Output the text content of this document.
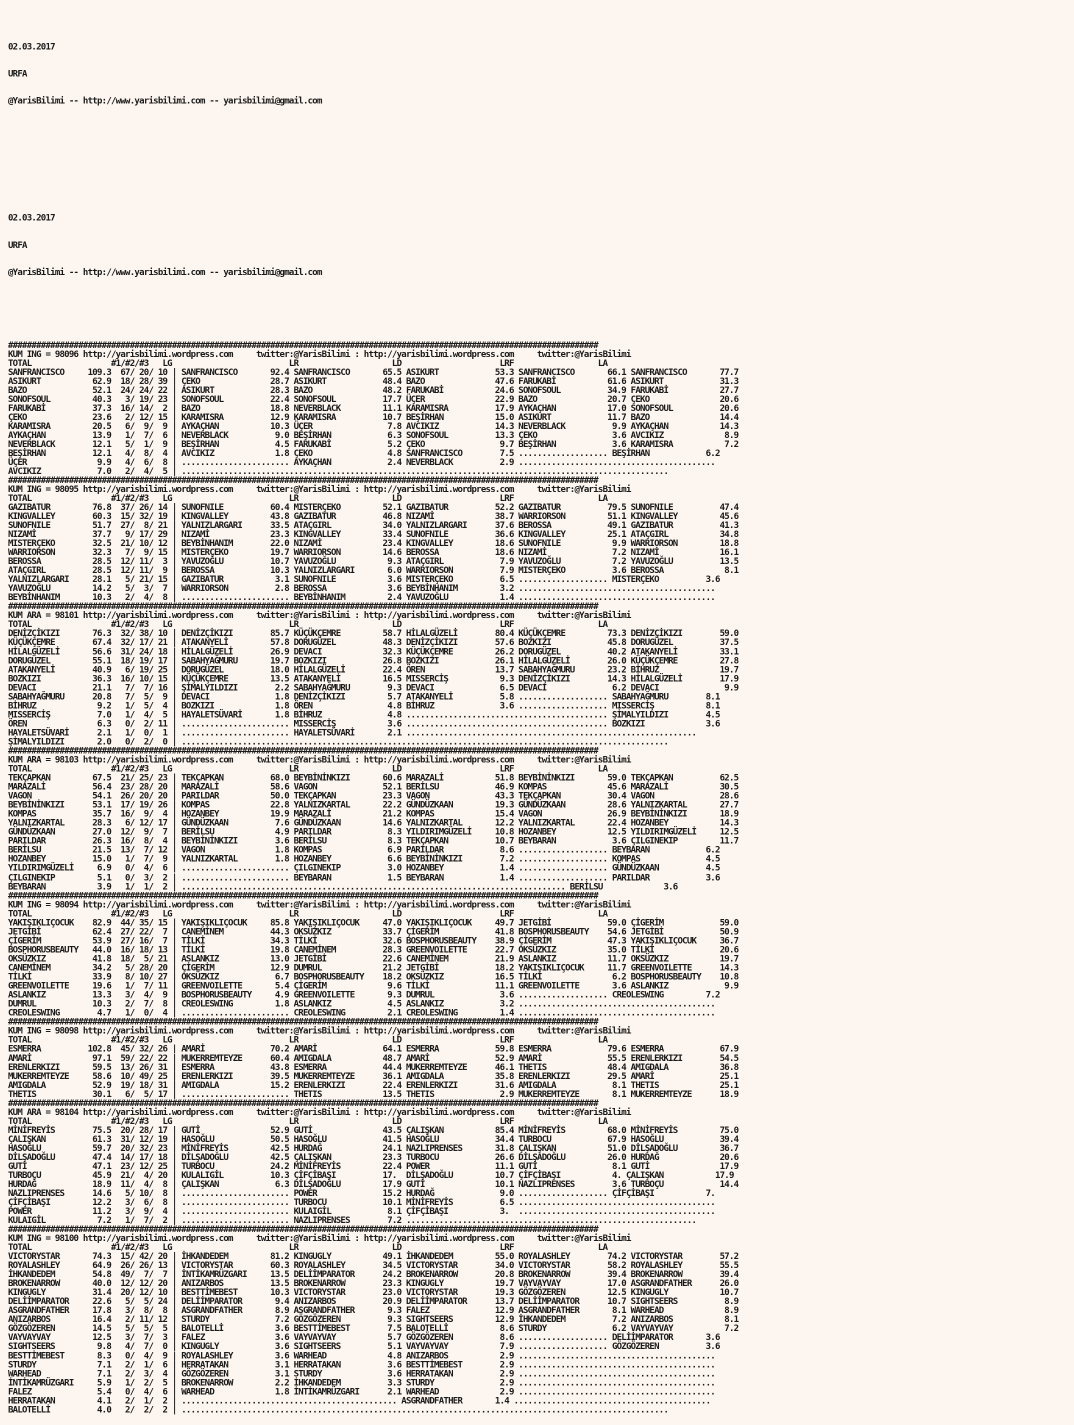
02.03.2017

URFA

@YarisBilimi -- http://www.yarisbilimi.com -- yarisbilimi@gmail.com

02.03.2017

URFA

@YarisBilimi -- http://www.yarisbilimi.com -- yarisbilimi@gmail.com

##############################################################################################################################
KUM ING = 98096 http://yarisbilimi.wordpress.com     twitter:@YarisBilimi : http://yarisbilimi.wordpress.com     twitter:@YarisBilimi
TOTAL                 #1/#2/#3   LG                         LR                    LD                     LRF                  LA
SANFRANCISCO     109.3  67/ 20/ 10 | SANFRANCISCO       92.4 SANFRANCISCO       65.5 ASIKURT            53.3 SANFRANCISCO       66.1 SANFRANCISCO       77.7
ASIKURT           62.9  18/ 28/ 39 | ÇEKO               28.7 ASIKURT            48.4 BAZO               47.6 FARUKABİ           61.6 ASIKURT            31.3
BAZO              52.1  24/ 24/ 22 | ASIKURT            28.3 BAZO               48.2 FARUKABİ           24.6 SONOFSOUL          34.9 FARUKABİ           27.7
SONOFSOUL         40.3   3/ 19/ 23 | SONOFSOUL          22.4 SONOFSOUL          17.7 ÜÇER               22.9 BAZO               20.7 ÇEKO               20.6
FARUKABİ          37.3  16/ 14/  2 | BAZO               18.8 NEVERBLACK         11.1 KARAMISRA          17.9 AYKAÇHAN           17.0 SONOFSOUL          20.6
ÇEKO              23.6   2/ 12/ 15 | KARAMISRA          12.9 KARAMISRA          10.7 BEŞİRHAN           15.0 ASIKURT            11.7 BAZO               14.4
KARAMISRA         20.5   6/  9/  9 | AYKAÇHAN           10.3 ÜÇER                7.8 AVCIKIZ            14.3 NEVERBLACK          9.9 AYKAÇHAN           14.3
AYKAÇHAN          13.9   1/  7/  6 | NEVERBLACK          9.0 BEŞİRHAN            6.3 SONOFSOUL          13.3 ÇEKO                3.6 AVCIKIZ             8.9
NEVERBLACK        12.1   5/  1/  9 | BEŞİRHAN            4.5 FARUKABİ            5.2 ÇEKO                9.7 BEŞİRHAN            3.6 KARAMISRA           7.2
BEŞİRHAN          12.1   4/  8/  4 | AVCIKIZ             1.8 ÇEKO                4.8 SANFRANCISCO        7.5 ................... BEŞİRHAN            6.2
ÜÇER               9.9   4/  6/  8 | ....................... AYKAÇHAN            2.4 NEVERBLACK          2.9 ..........................................
AVCIKIZ            7.0   2/  4/  5 | ........................................................................................................
##############################################################################################################################
KUM ING = 98095 http://yarisbilimi.wordpress.com     twitter:@YarisBilimi : http://yarisbilimi.wordpress.com     twitter:@YarisBilimi
TOTAL                 #1/#2/#3   LG                         LR                    LD                     LRF                  LA
GAZIBATUR         76.8  37/ 26/ 14 | SUNOFNILE          60.4 MISTERÇEKO         52.1 GAZIBATUR          52.2 GAZIBATUR          79.5 SUNOFNILE          47.4
KINGVALLEY        60.3  15/ 32/ 19 | KINGVALLEY         43.8 GAZIBATUR          46.8 NIZAMİ             38.7 WARRIORSON         51.1 KINGVALLEY         45.6
SUNOFNILE         51.7  27/  8/ 21 | YALNIZLARGARI      33.5 ATAÇGIRL           34.0 YALNIZLARGARI      37.6 BEROSSA            49.1 GAZIBATUR          41.3
NIZAMİ            37.7   9/ 17/ 29 | NIZAMİ             23.3 KINGVALLEY         33.4 SUNOFNILE          36.6 KINGVALLEY         25.1 ATAÇGIRL           34.8
MISTERÇEKO        32.5  21/ 10/ 12 | BEYBİNHANIM        22.0 NIZAMİ             23.4 KINGVALLEY         18.6 SUNOFNILE           9.9 WARRIORSON         18.8
WARRIORSON        32.3   7/  9/ 15 | MISTERÇEKO         19.7 WARRIORSON         14.6 BEROSSA            18.6 NIZAMİ              7.2 NIZAMİ             16.1
BEROSSA           28.5  12/ 11/  3 | YAVUZOĞLU          10.7 YAVUZOĞLU           9.3 ATAÇGIRL            7.9 YAVUZOĞLU           7.2 YAVUZOĞLU          13.5
ATAÇGIRL          28.5  12/ 11/  9 | BEROSSA            10.3 YALNIZLARGARI       6.0 WARRIORSON          7.9 MISTERÇEKO          3.6 BEROSSA             8.1
YALNIZLARGARI     28.1   5/ 21/ 15 | GAZIBATUR           3.1 SUNOFNILE           3.6 MISTERÇEKO          6.5 ................... MISTERÇEKO          3.6
YAVUZOĞLU         14.2   5/  3/  7 | WARRIORSON          2.8 BEROSSA             3.6 BEYBİNHANIM         3.2 ..........................................
BEYBİNHANIM       10.3   2/  4/  8 | ....................... BEYBİNHANIM         2.4 YAVUZOĞLU           1.4 ..........................................
##############################################################################################################################
KUM ARA = 98101 http://yarisbilimi.wordpress.com     twitter:@YarisBilimi : http://yarisbilimi.wordpress.com     twitter:@YarisBilimi
TOTAL                 #1/#2/#3   LG                         LR                    LD                     LRF                  LA
DENİZÇİKIZI       76.3  32/ 38/ 10 | DENİZÇİKIZI        85.7 KÜÇÜKÇEMRE         58.7 HİLALGÜZELİ        80.4 KÜÇÜKÇEMRE         73.3 DENİZÇİKIZI        59.0
KÜÇÜKÇEMRE        67.4  32/ 17/ 21 | ATAKANYELİ         57.8 DORUGÜZEL          48.3 DENİZÇİKIZI        57.6 BOZKIZI            45.8 DORUGÜZEL          37.5
HİLALGÜZELİ       56.6  31/ 24/ 18 | HİLALGÜZELİ        26.9 DEVACI             32.3 KÜÇÜKÇEMRE         26.2 DORUGÜZEL          40.2 ATAKANYELİ         33.1
DORUGÜZEL         55.1  18/ 19/ 17 | SABAHYAĞMURU       19.7 BOZKIZI            26.8 BOZKIZI            26.1 HİLALGÜZELİ        26.0 KÜÇÜKÇEMRE         27.8
ATAKANYELİ        40.9   6/ 19/ 25 | DORUGÜZEL          18.0 HİLALGÜZELİ        22.4 ÖREN               13.7 SABAHYAĞMURU       23.2 BİHRUZ             19.7
BOZKIZI           36.3  16/ 10/ 15 | KÜÇÜKÇEMRE         13.5 ATAKANYELİ         16.5 MISSERCİŞ           9.3 DENİZÇİKIZI        14.3 HİLALGÜZELİ        17.9
DEVACI            21.1   7/  7/ 16 | ŞİMALYILDIZI        2.2 SABAHYAĞMURU        9.3 DEVACI              6.5 DEVACI              6.2 DEVACI              9.9
SABAHYAĞMURU      20.8   7/  5/  9 | DEVACI              1.8 DENİZÇİKIZI         5.7 ATAKANYELİ          5.8 ................... SABAHYAĞMURU        8.1
BİHRUZ             9.2   1/  5/  4 | BOZKIZI             1.8 ÖREN                4.8 BİHRUZ              3.6 ................... MISSERCİŞ           8.1
MISSERCİŞ          7.0   1/  4/  5 | HAYALETSÜVARİ       1.8 BİHRUZ              4.8 ........................................... ŞİMALYILDIZI        4.5
ÖREN               6.3   0/  2/ 11 | ....................... MISSERCİŞ           3.6 ........................................... BOZKIZI             3.6
HAYALETSÜVARİ      2.1   1/  0/  1 | ....................... HAYALETSÜVARİ       2.1 ..............................................................
ŞİMALYILDIZI       2.0   0/  2/  0 | ........................................................................................................
##############################################################################################################################
KUM ARA = 98103 http://yarisbilimi.wordpress.com     twitter:@YarisBilimi : http://yarisbilimi.wordpress.com     twitter:@YarisBilimi
TOTAL                 #1/#2/#3   LG                         LR                    LD                     LRF                  LA
TEKÇAPKAN         67.5  21/ 25/ 23 | TEKÇAPKAN          68.0 BEYBİNİNKIZI       60.6 MARAZALİ           51.8 BEYBİNİNKIZI       59.0 TEKÇAPKAN          62.5
MARAZALİ          56.4  23/ 28/ 20 | MARAZALİ           58.6 VAGON              52.1 BERİLSU            46.9 KOMPAS             45.6 MARAZALİ           30.5
VAGON             54.1  26/ 20/ 20 | PARILDAR           50.0 TEKÇAPKAN          23.3 VAGON              43.3 TEKÇAPKAN          30.4 VAGON              28.6
BEYBİNİNKIZI      53.1  17/ 19/ 26 | KOMPAS             22.8 YALNIZKARTAL       22.2 GÜNDÜZKAAN         19.3 GÜNDÜZKAAN         28.6 YALNIZKARTAL       27.7
KOMPAS            35.7  16/  9/  4 | HOZANBEY           19.9 MARAZALİ           21.2 KOMPAS             15.4 VAGON              26.9 BEYBİNİNKIZI       18.9
YALNIZKARTAL      28.3   6/ 12/ 17 | GÜNDÜZKAAN          7.6 GÜNDÜZKAAN         14.6 YALNIZKARTAL       12.2 YALNIZKARTAL       22.4 HOZANBEY           14.3
GÜNDÜZKAAN        27.0  12/  9/  7 | BERİLSU             4.9 PARILDAR            8.3 YILDIRIMGÜZELİ     10.8 HOZANBEY           12.5 YILDIRIMGÜZELİ     12.5
PARILDAR          26.3  16/  8/  4 | BEYBİNİNKIZI        3.6 BERİLSU             8.3 TEKÇAPKAN          10.7 BEYBARAN            3.6 ÇILGINEKIP         11.7
BERİLSU           21.5  13/  7/ 12 | VAGON               1.8 KOMPAS              6.9 PARILDAR            8.6 ................... BEYBARAN            6.2
HOZANBEY          15.0   1/  7/  9 | YALNIZKARTAL        1.8 HOZANBEY            6.6 BEYBİNİNKIZI        7.2 ................... KOMPAS              4.5
YILDIRIMGÜZELİ     6.9   0/  4/  6 | ....................... ÇILGINEKIP          3.0 HOZANBEY            1.4 ................... GÜNDÜZKAAN          4.5
ÇILGINEKIP         5.1   0/  3/  2 | ....................... BEYBARAN            1.5 BEYBARAN            1.4 ................... PARILDAR            3.6
BEYBARAN           3.9   1/  1/  2 | .................................................................................. BERİLSU             3.6
##############################################################################################################################
KUM ING = 98094 http://yarisbilimi.wordpress.com     twitter:@YarisBilimi : http://yarisbilimi.wordpress.com     twitter:@YarisBilimi
TOTAL                 #1/#2/#3   LG                         LR                    LD                     LRF                  LA
YAKIŞIKLIÇOCUK    82.9  44/ 35/ 15 | YAKIŞIKLIÇOCUK     85.8 YAKIŞIKLIÇOCUK     47.0 YAKIŞIKLIÇOCUK     49.7 JETGİBİ            59.0 ÇİGERİM            59.0
JETGİBİ           62.4  27/ 22/  7 | CANEMİNEM          44.3 OKSÜZKIZ           33.7 ÇİGERİM            41.8 BOSPHORUSBEAUTY    54.6 JETGİBİ            50.9
ÇİGERİM           53.9  27/ 16/  7 | TİLKİ              34.3 TİLKİ              32.6 BOSPHORUSBEAUTY    38.9 ÇİGERİM            47.3 YAKIŞIKLIÇOCUK     36.7
BOSPHORUSBEAUTY   44.0  16/ 18/ 13 | TİLKİ              19.8 CANEMİNEM          28.3 GREENVOILETTE      22.7 OKSÜZKIZ           35.0 TİLKİ              20.6
OKSÜZKIZ          41.8  18/  5/ 21 | ASLANKIZ           13.0 JETGİBİ            22.6 CANEMİNEM          21.9 ASLANKIZ           11.7 OKSÜZKIZ           19.7
CANEMİNEM         34.2   5/ 28/ 20 | ÇİGERİM            12.9 DUMRUL             21.2 JETGİBİ            18.2 YAKIŞIKLIÇOCUK     11.7 GREENVOILETTE      14.3
TİLKİ             33.9   8/ 10/ 27 | OKSÜZKIZ            6.7 BOSPHORUSBEAUTY    18.2 OKSÜZKIZ           16.5 TİLKİ               6.2 BOSPHORUSBEAUTY    10.8
GREENVOILETTE     19.6   1/  7/ 11 | GREENVOILETTE       5.4 ÇİGERİM             9.6 TİLKİ              11.1 GREENVOILETTE       3.6 ASLANKIZ            9.9
ASLANKIZ          13.3   3/  4/  9 | BOSPHORUSBEAUTY     4.9 GREENVOILETTE       9.3 DUMRUL              3.6 ................... CREOLESWING         7.2
DUMRUL            10.3   2/  7/  8 | CREOLESWING         1.8 ASLANKIZ            4.5 ASLANKIZ            3.2 ..........................................
CREOLESWING        4.7   1/  0/  4 | ....................... CREOLESWING         2.1 CREOLESWING         1.4 ..........................................
##############################################################################################################################
KUM ING = 98098 http://yarisbilimi.wordpress.com     twitter:@YarisBilimi : http://yarisbilimi.wordpress.com     twitter:@YarisBilimi
TOTAL                 #1/#2/#3   LG                         LR                    LD                     LRF                  LA
ESMERRA          102.8  45/ 32/ 26 | AMARİ              70.2 AMARİ              64.1 ESMERRA            59.8 ESMERRA            79.6 ESMERRA            67.9
AMARİ             97.1  59/ 22/ 22 | MUKERREMTEYZE      60.4 AMIGDALA           48.7 AMARİ              52.9 AMARİ              55.5 ERENLERKIZI        54.5
ERENLERKIZI       59.5  13/ 26/ 31 | ESMERRA            43.8 ESMERRA            44.4 MUKERREMTEYZE      46.1 THETIS             48.4 AMIGDALA           36.8
MUKERREMTEYZE     58.6  10/ 49/ 25 | ERENLERKIZI        39.5 MUKERREMTEYZE      36.1 AMIGDALA           35.8 ERENLERKIZI        29.5 AMARİ              25.1
AMIGDALA          52.9  19/ 18/ 31 | AMIGDALA           15.2 ERENLERKIZI        22.4 ERENLERKIZI        31.6 AMIGDALA            8.1 THETIS             25.1
THETIS            30.1   6/  5/ 17 | ....................... THETIS             13.5 THETIS              2.9 MUKERREMTEYZE       8.1 MUKERREMTEYZE      18.9
##############################################################################################################################
KUM ARA = 98104 http://yarisbilimi.wordpress.com     twitter:@YarisBilimi : http://yarisbilimi.wordpress.com     twitter:@YarisBilimi
TOTAL                 #1/#2/#3   LG                         LR                    LD                     LRF                  LA
MİNİFREYİS        75.5  20/ 28/ 17 | GUTİ               52.9 GUTİ               43.5 ÇALIŞKAN           85.4 MİNİFREYİS         68.0 MİNİFREYİS         75.0
ÇALIŞKAN          61.3  31/ 12/ 19 | HASOĞLU            50.5 HASOĞLU            41.5 HASOĞLU            34.4 TURBOCU            67.9 HASOĞLU            39.4
HASOĞLU           59.7  20/ 32/ 23 | MİNİFREYİS         42.5 HURDAĞ             24.1 NAZLIPRENSES       31.8 ÇALIŞKAN           51.0 DİLŞADOĞLU         36.7
DİLŞADOĞLU        47.4  14/ 17/ 18 | DİLŞADOĞLU         42.5 ÇALIŞKAN           23.3 TURBOCU            26.6 DİLŞADOĞLU         26.0 HURDAĞ             20.6
GUTİ              47.1  23/ 12/ 25 | TURBOCU            24.2 MİNİFREYİS         22.4 POWER              11.1 GUTİ                8.1 GUTİ               17.9
TURBOÇU           45.9  21/  4/ 20 | KULALIGİL          10.3 ÇİFÇİBAŞI          17.  DİLŞADOĞLU         10.7 ÇİFÇİBAŞI           4. ÇALIŞKAN           17.9
HURDAĞ            18.9  11/  4/  8 | ÇALIŞKAN            6.3 DİLŞADOĞLU         17.9 GUTİ               10.1 NAZLIPRENSES        3.6 TURBOÇU            14.4
NAZLIPRENSES      14.6   5/ 10/  8 | ....................... POWER              15.2 HURDAĞ              9.0 ................... ÇİFÇİBAŞI           7.
ÇİFÇİBAŞI         12.2   3/  6/  8 | ....................... TURBOCU            10.1 MİNİFREYİS          6.5 ..........................................
POWER             11.2   3/  9/  4 | ....................... KULAIGİL            8.1 ÇİFÇİBAŞI           3.  ..........................................
KULAIGİL           7.2   1/  7/  2 | ....................... NAZLIPRENSES        7.2 ..............................................................
##############################################################################################################################
KUM ING = 98100 http://yarisbilimi.wordpress.com     twitter:@YarisBilimi : http://yarisbilimi.wordpress.com     twitter:@YarisBilimi
TOTAL                 #1/#2/#3   LG                         LR                    LD                     LRF                  LA
VICTORYSTAR       74.3  15/ 42/ 20 | İHKANDEDEM         81.2 KINGUGLY           49.1 İHKANDEDEM         55.0 ROYALASHLEY        74.2 VICTORYSTAR        57.2
ROYALASHLEY       64.9  26/ 26/ 13 | VICTORYSTAR        60.3 ROYALASHLEY        34.5 VICTORYSTAR        34.0 VICTORYSTAR        58.2 ROYALASHLEY        55.5
İHKANDEDEM        54.8  49/  7/  7 | İNTİKAMRÜZGARI     13.5 DELİİMPARATOR      24.2 BROKENARROW        20.8 BROKENARROW        39.4 BROKENARROW        39.4
BROKENARROW       40.0  12/ 12/ 20 | ANIZARBOS          13.5 BROKENARROW        23.3 KINGUGLY           19.7 VAYVAYVAY          17.0 ASGRANDFATHER      26.0
KINGUGLY          31.4  20/ 12/ 10 | BESTTİMEBEST       10.3 VICTORYSTAR        23.0 VICTORYSTAR        19.3 GÖZGÖZEREN         12.5 KINGUGLY           10.7
DELİİMPARATOR     22.6   5/  5/ 24 | DELİİMPARATOR       9.4 ANIZARBOS          20.9 DELİİMPARATOR      13.7 DELİİMPARATOR      10.7 SIGHTSEERS          8.9
ASGRANDFATHER     17.8   3/  8/  8 | ASGRANDFATHER       8.9 ASGRANDFATHER       9.3 FALEZ              12.9 ASGRANDFATHER       8.1 WARHEAD             8.9
ANIZARBOS         16.4   2/ 11/ 12 | STURDY              7.2 GÖZGÖZEREN          9.3 SIGHTSEERS         12.9 İHKANDEDEM          7.2 ANIZARBOS           8.1
GÖZGÖZEREN        14.5   5/  5/  5 | BALOTELLİ           3.6 BESTTİMEBEST        7.5 BALOTELLİ           8.6 STURDY              6.2 VAYVAYVAY           7.2
VAYVAYVAY         12.5   3/  7/  3 | FALEZ               3.6 VAYVAYVAY           5.7 GÖZGÖZEREN          8.6 ................... DELİİMPARATOR       3.6
SIGHTSEERS         9.8   4/  7/  0 | KINGUGLY            3.6 SIGHTSEERS          5.1 VAYVAYVAY           7.9 ................... GÖZGÖZEREN          3.6
BESTTİMEBEST       8.3   0/  4/  9 | ROYALASHLEY         3.6 WARHEAD             4.8 ANIZARBOS           2.9 ..........................................
STURDY             7.1   2/  1/  6 | HERRATAKAN          3.1 HERRATAKAN          3.6 BESTTİMEBEST        2.9 ..........................................
WARHEAD            7.1   2/  3/  4 | GÖZGÖZEREN          3.1 STURDY              3.6 HERRATAKAN          2.9 ..........................................
İNTİKAMRÜZGARI     5.9   1/  2/  5 | BROKENARROW         2.2 İHKANDEDEM          3.3 STURDY              2.9 ..........................................
FALEZ              5.4   0/  4/  6 | WARHEAD             1.8 İNTİKAMRÜZGARI      2.1 WARHEAD             2.9 ..........................................
HERRATAKAN         4.1   2/  1/  2 | .............................................. ASGRANDFATHER       1.4 ..........................................
BALOTELLİ          4.0   2/  2/  2 | ........................................................................................................
